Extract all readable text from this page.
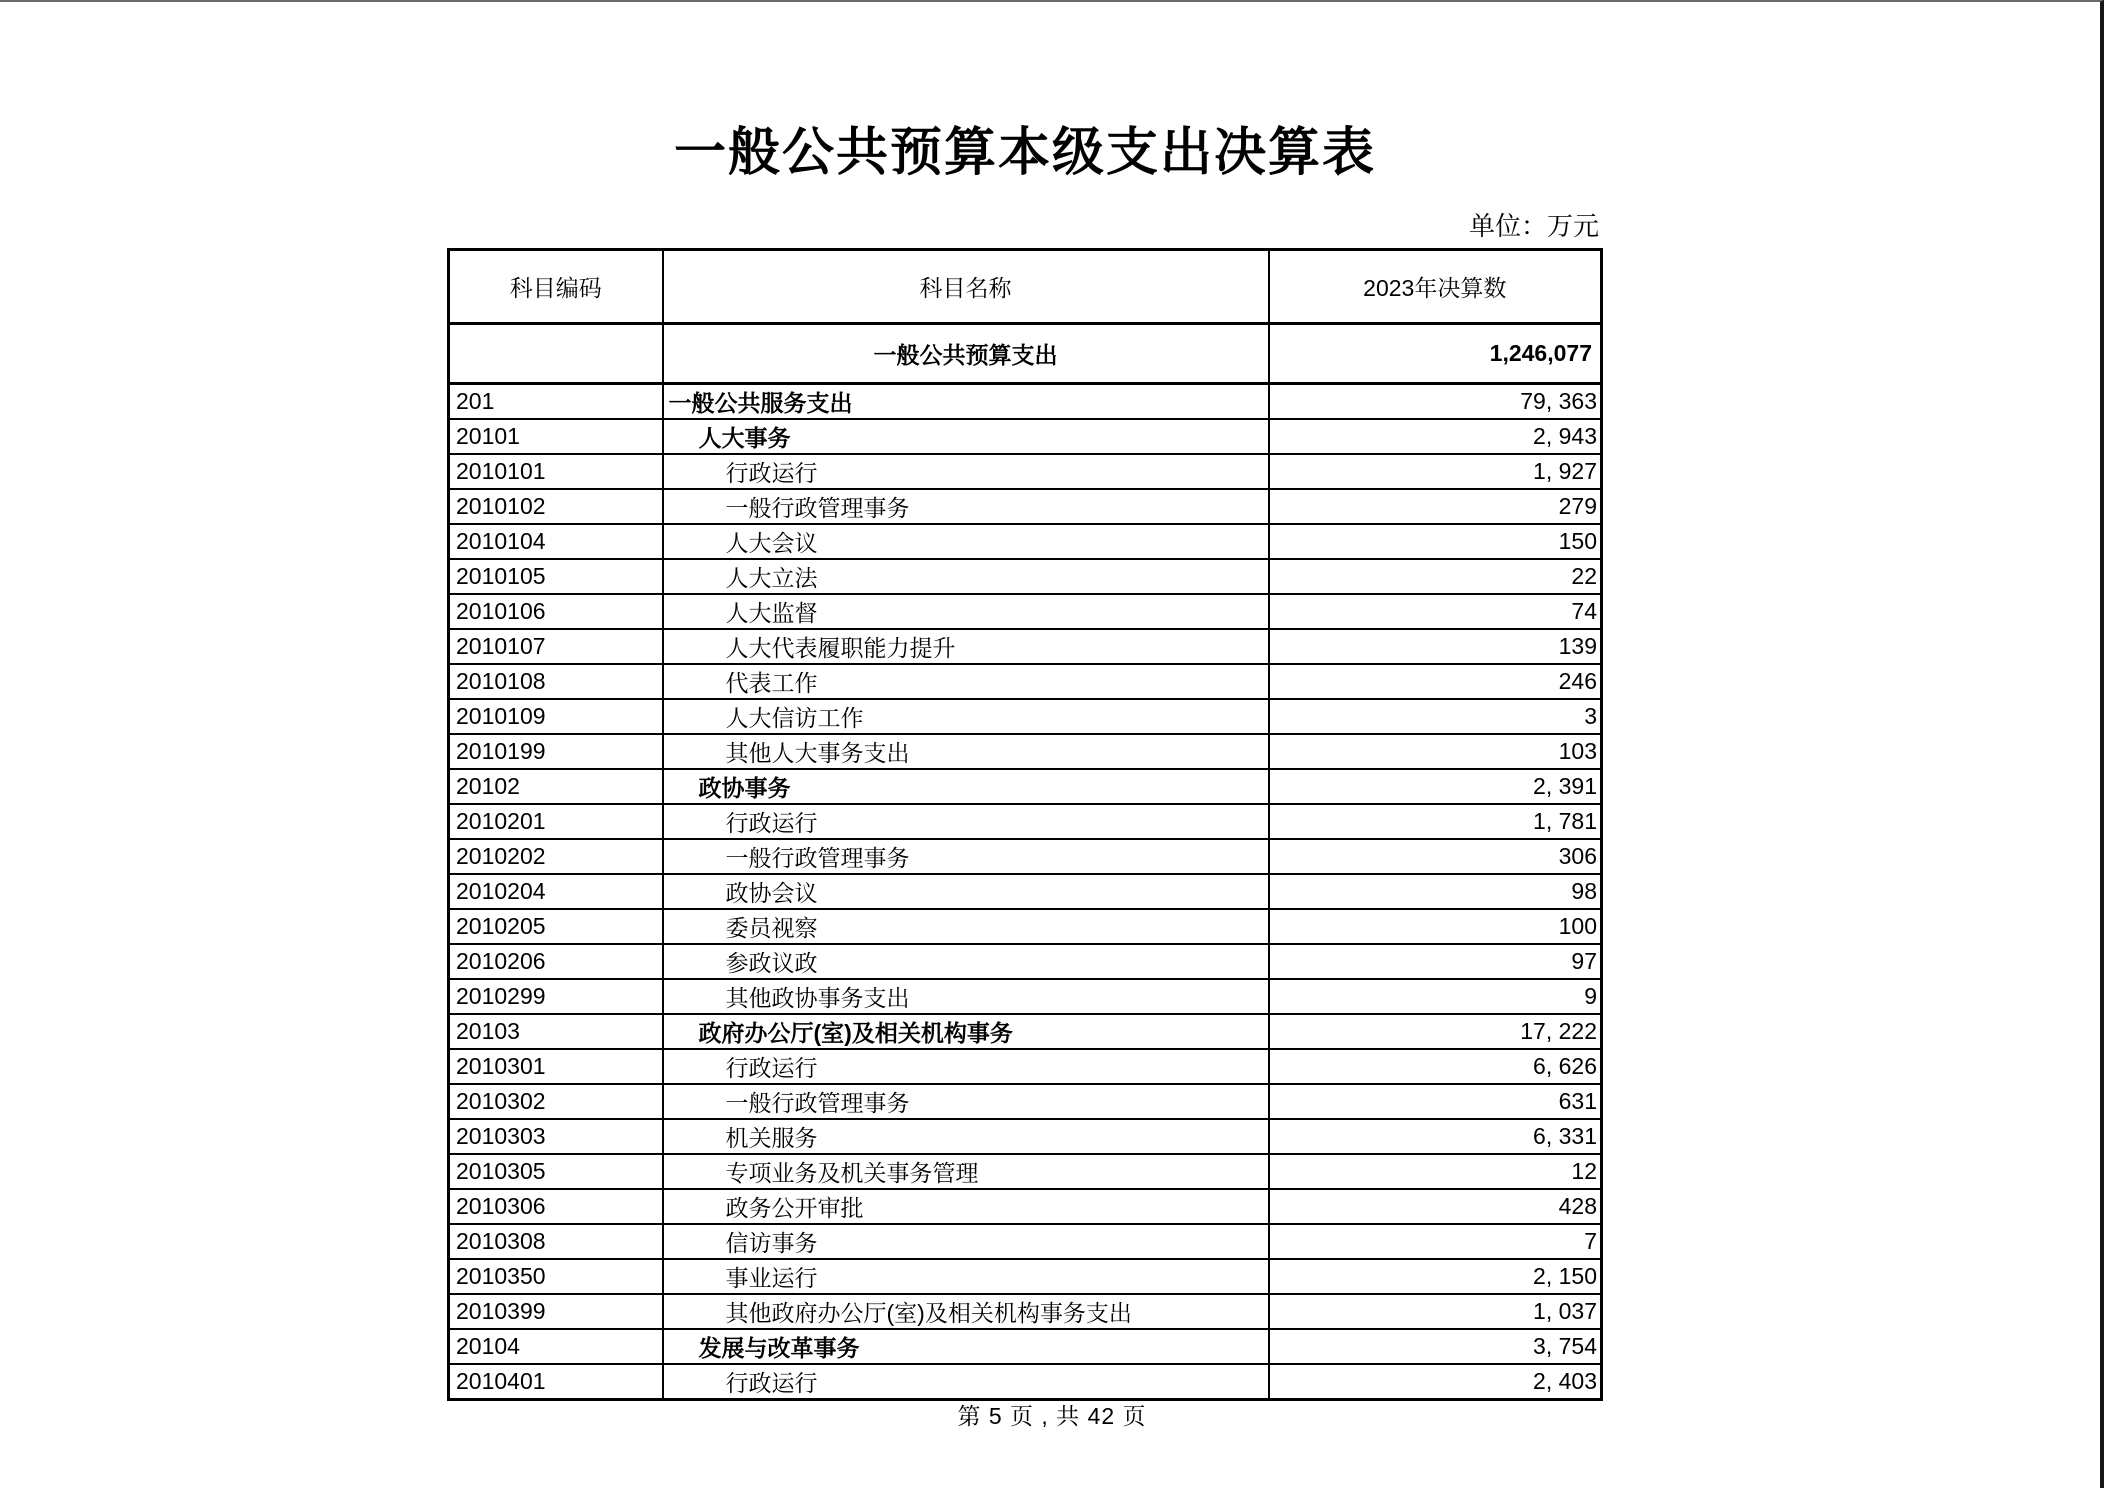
一般公共预算本级支出决算表
单位：万元
科目编码	科目名称	2023年决算数
	一般公共预算支出	1,246,077
201	一般公共服务支出	79, 363
20101	人大事务	2, 943
2010101	行政运行	1, 927
2010102	一般行政管理事务	279
2010104	人大会议	150
2010105	人大立法	22
2010106	人大监督	74
2010107	人大代表履职能力提升	139
2010108	代表工作	246
2010109	人大信访工作	3
2010199	其他人大事务支出	103
20102	政协事务	2, 391
2010201	行政运行	1, 781
2010202	一般行政管理事务	306
2010204	政协会议	98
2010205	委员视察	100
2010206	参政议政	97
2010299	其他政协事务支出	9
20103	政府办公厅(室)及相关机构事务	17, 222
2010301	行政运行	6, 626
2010302	一般行政管理事务	631
2010303	机关服务	6, 331
2010305	专项业务及机关事务管理	12
2010306	政务公开审批	428
2010308	信访事务	7
2010350	事业运行	2, 150
2010399	其他政府办公厅(室)及相关机构事务支出	1, 037
20104	发展与改革事务	3, 754
2010401	行政运行	2, 403
第 5 页 , 共 42 页
